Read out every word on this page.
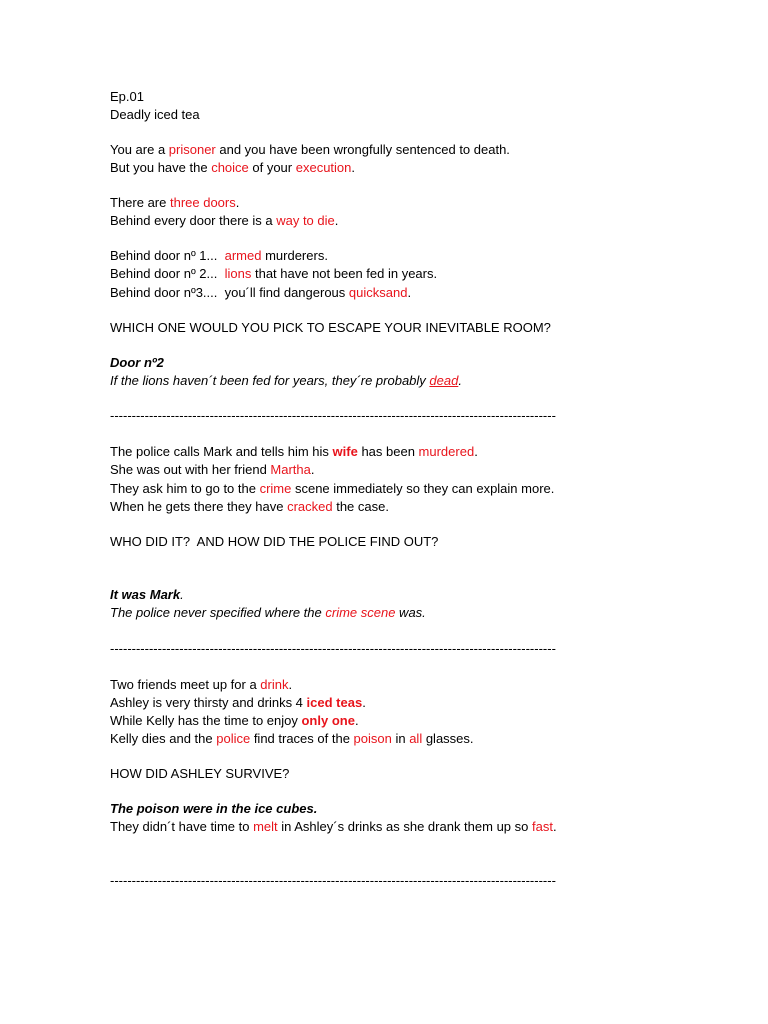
Ep.01
Deadly iced tea
You are a prisoner and you have been wrongfully sentenced to death.
But you have the choice of your execution.
There are three doors.
Behind every door there is a way to die.
Behind door nº 1...  armed murderers.
Behind door nº 2...  lions that have not been fed in years.
Behind door nº3....  you´ll find dangerous quicksand.
WHICH ONE WOULD YOU PICK TO ESCAPE YOUR INEVITABLE ROOM?
Door nº2
If the lions haven´t been fed for years, they´re probably dead.
-------------------------------------------------------------------------------------------------------
The police calls Mark and tells him his wife has been murdered.
She was out with her friend Martha.
They ask him to go to the crime scene immediately so they can explain more.
When he gets there they have cracked the case.
WHO DID IT?  AND HOW DID THE POLICE FIND OUT?
It was Mark.
The police never specified where the crime scene was.
-------------------------------------------------------------------------------------------------------
Two friends meet up for a drink.
Ashley is very thirsty and drinks 4 iced teas.
While Kelly has the time to enjoy only one.
Kelly dies and the police find traces of the poison in all glasses.
HOW DID ASHLEY SURVIVE?
The poison were in the ice cubes.
They didn´t have time to melt in Ashley´s drinks as she drank them up so fast.
-------------------------------------------------------------------------------------------------------
